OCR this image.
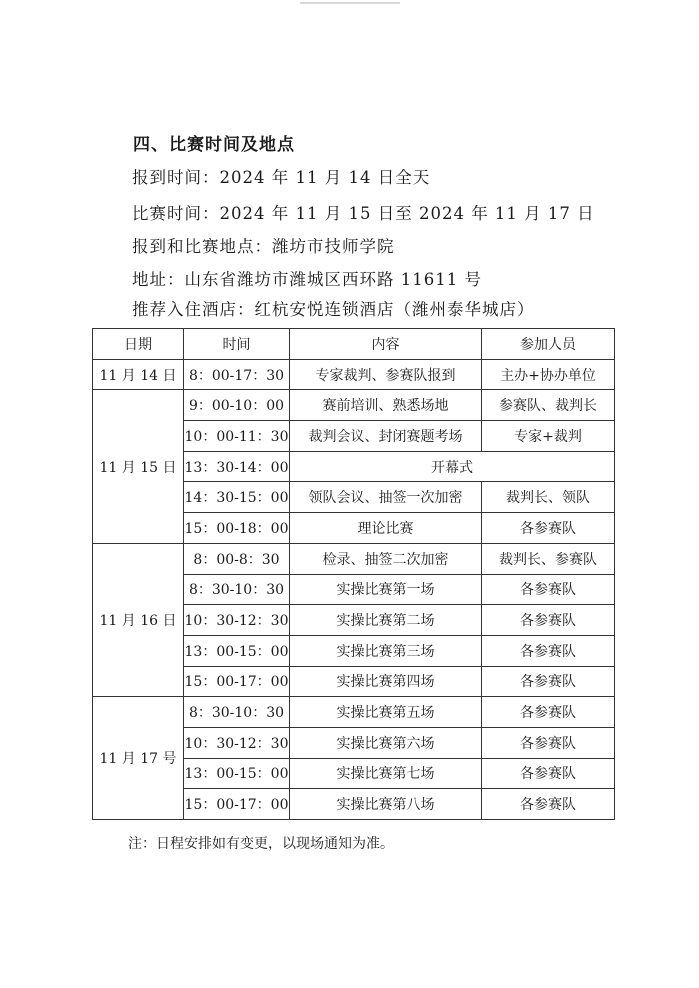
四、比赛时间及地点
报到时间：2024 年 11 月 14 日全天
比赛时间：2024 年 11 月 15 日至 2024 年 11 月 17 日
报到和比赛地点：潍坊市技师学院
地址：山东省潍坊市潍城区西环路 11611 号
推荐入住酒店：红杭安悦连锁酒店（潍州泰华城店）
日期	时间	内容	参加人员
11 月 14 日	8：00-17：30	专家裁判、参赛队报到	主办+协办单位
11 月 15 日	9：00-10：00	赛前培训、熟悉场地	参赛队、裁判长
	10：00-11：30	裁判会议、封闭赛题考场	专家+裁判
	13：30-14：00	开幕式	
	14：30-15：00	领队会议、抽签一次加密	裁判长、领队
	15：00-18：00	理论比赛	各参赛队
11 月 16 日	8：00-8：30	检录、抽签二次加密	裁判长、参赛队
	8：30-10：30	实操比赛第一场	各参赛队
	10：30-12：30	实操比赛第二场	各参赛队
	13：00-15：00	实操比赛第三场	各参赛队
	15：00-17：00	实操比赛第四场	各参赛队
11 月 17 号	8：30-10：30	实操比赛第五场	各参赛队
	10：30-12：30	实操比赛第六场	各参赛队
	13：00-15：00	实操比赛第七场	各参赛队
	15：00-17：00	实操比赛第八场	各参赛队
注：日程安排如有变更，以现场通知为准。
